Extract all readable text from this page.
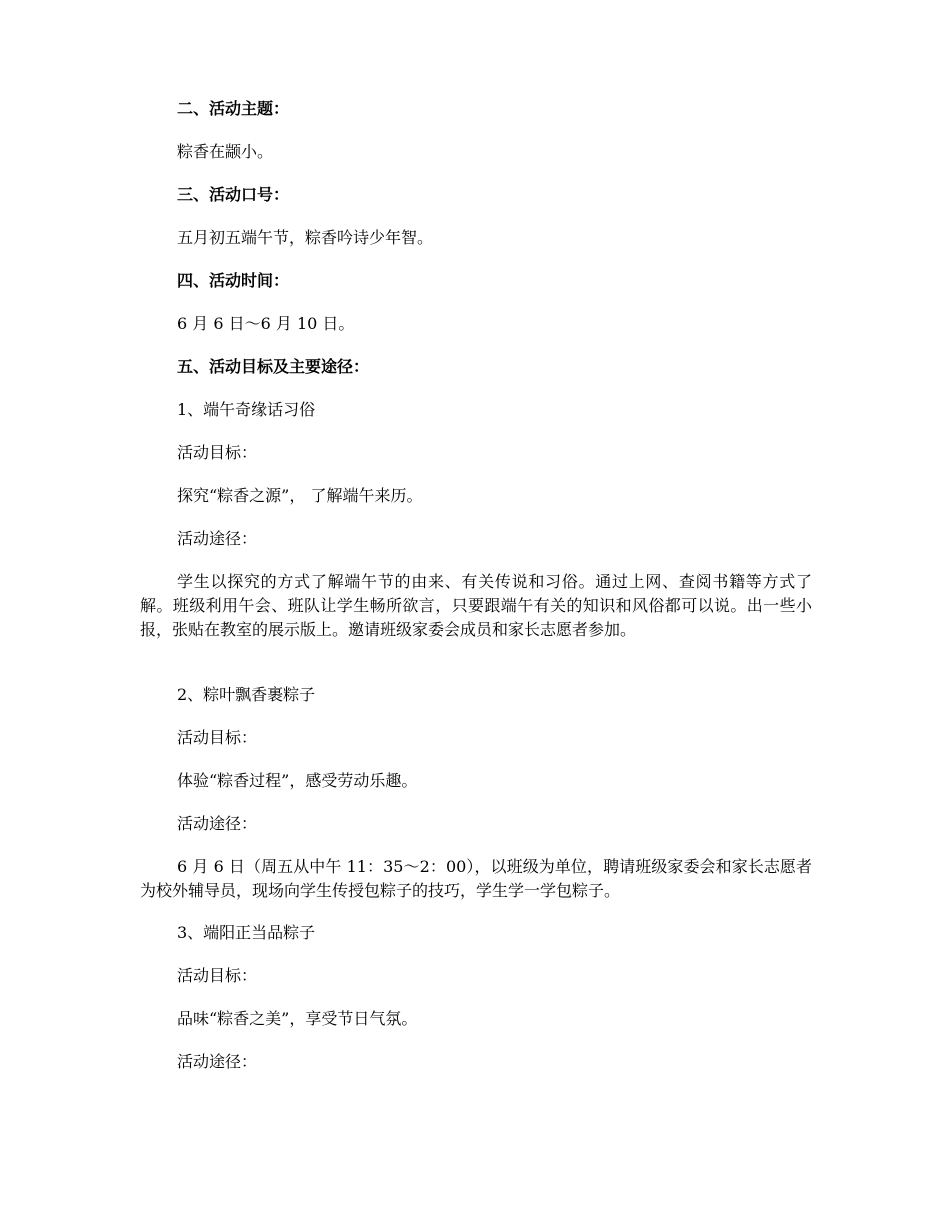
二、活动主题：
粽香在颛小。
三、活动口号：
五月初五端午节，粽香吟诗少年智。
四、活动时间：
6 月 6 日～6 月 10 日。
五、活动目标及主要途径：
1、端午奇缘话习俗
活动目标：
探究“粽香之源”， 了解端午来历。
活动途径：
学生以探究的方式了解端午节的由来、有关传说和习俗。通过上网、查阅书籍等方式了解。班级利用午会、班队让学生畅所欲言，只要跟端午有关的知识和风俗都可以说。出一些小报，张贴在教室的展示版上。邀请班级家委会成员和家长志愿者参加。
2、粽叶飘香裹粽子
活动目标：
体验“粽香过程”，感受劳动乐趣。
活动途径：
6 月 6 日（周五从中午 11：35～2：00），以班级为单位，聘请班级家委会和家长志愿者为校外辅导员，现场向学生传授包粽子的技巧，学生学一学包粽子。
3、端阳正当品粽子
活动目标：
品味“粽香之美”，享受节日气氛。
活动途径：
